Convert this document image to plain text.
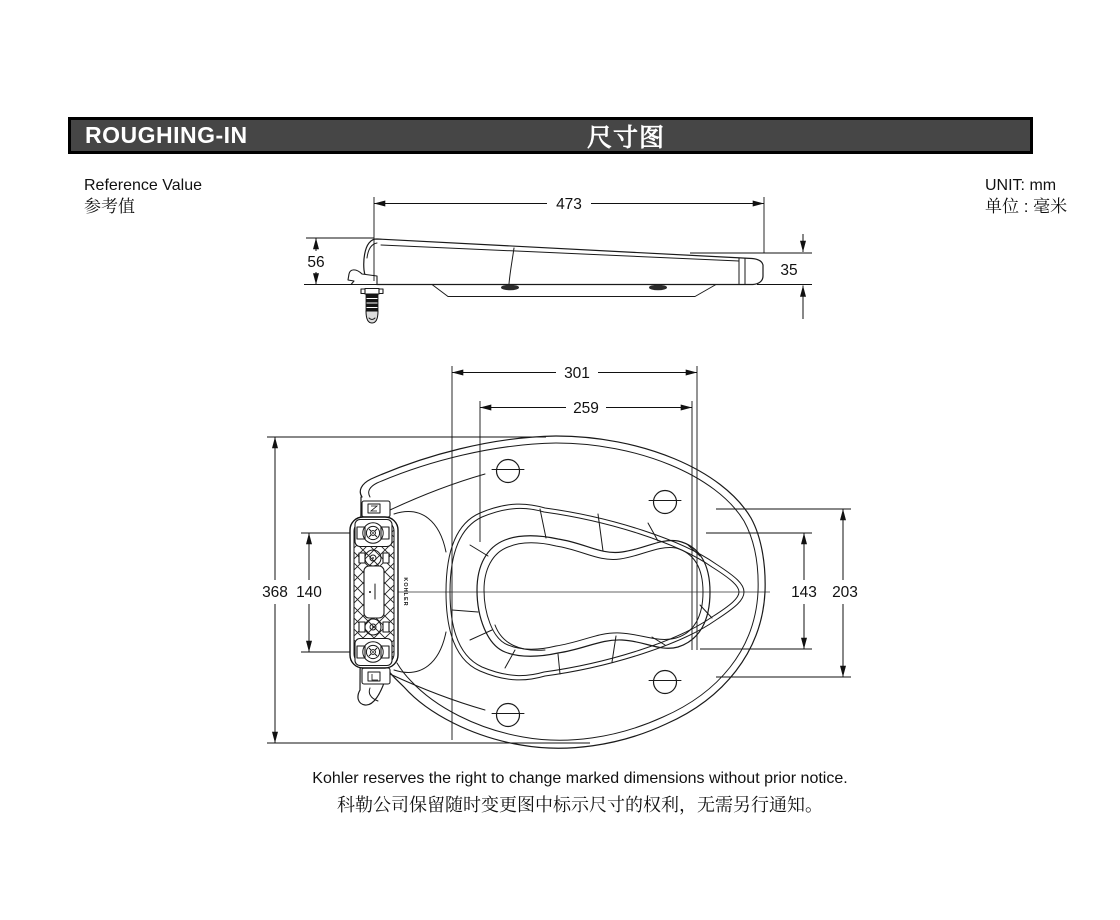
ROUGHING-IN	尺寸图
Reference Value
参考值
UNIT: mm
单位 : 毫米
473
56	35
KOHLER
301
259
368 140	143 203
Kohler reserves the right to change marked dimensions without prior notice.
科勒公司保留随时变更图中标示尺寸的权利，无需另行通知。
